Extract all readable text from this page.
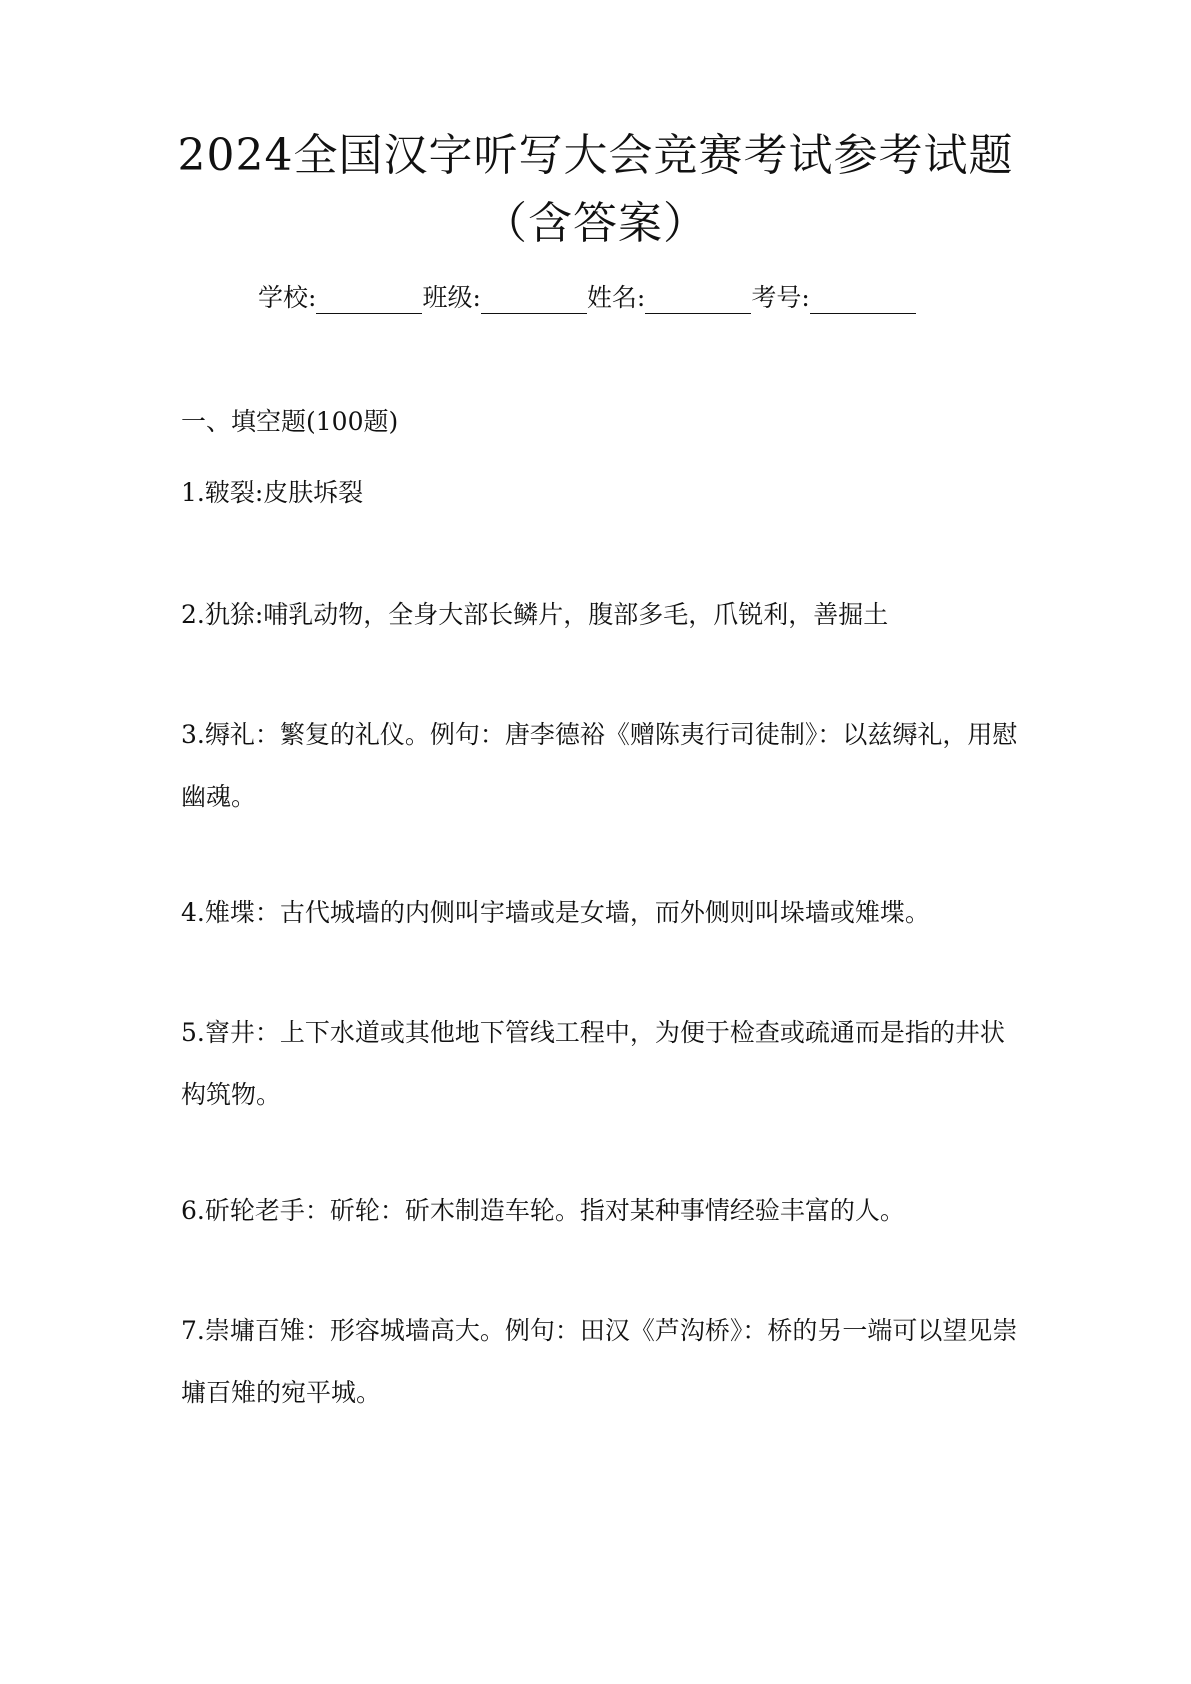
2024全国汉字听写大会竞赛考试参考试题
（含答案）
学校:	班级:	姓名:	考号:
一、填空题(100题)

1.皲裂:皮肤坼裂

2.犰狳:哺乳动物，全身大部长鳞片，腹部多毛，爪锐利，善掘土

3.缛礼：繁复的礼仪。例句：唐李德裕《赠陈夷行司徒制》：以兹缛礼，用慰幽魂。

4.雉堞：古代城墙的内侧叫宇墙或是女墙，而外侧则叫垛墙或雉堞。

5.窨井：上下水道或其他地下管线工程中，为便于检查或疏通而是指的井状构筑物。

6.斫轮老手：斫轮：斫木制造车轮。指对某种事情经验丰富的人。

7.崇墉百雉：形容城墙高大。例句：田汉《芦沟桥》：桥的另一端可以望见崇墉百雉的宛平城。
